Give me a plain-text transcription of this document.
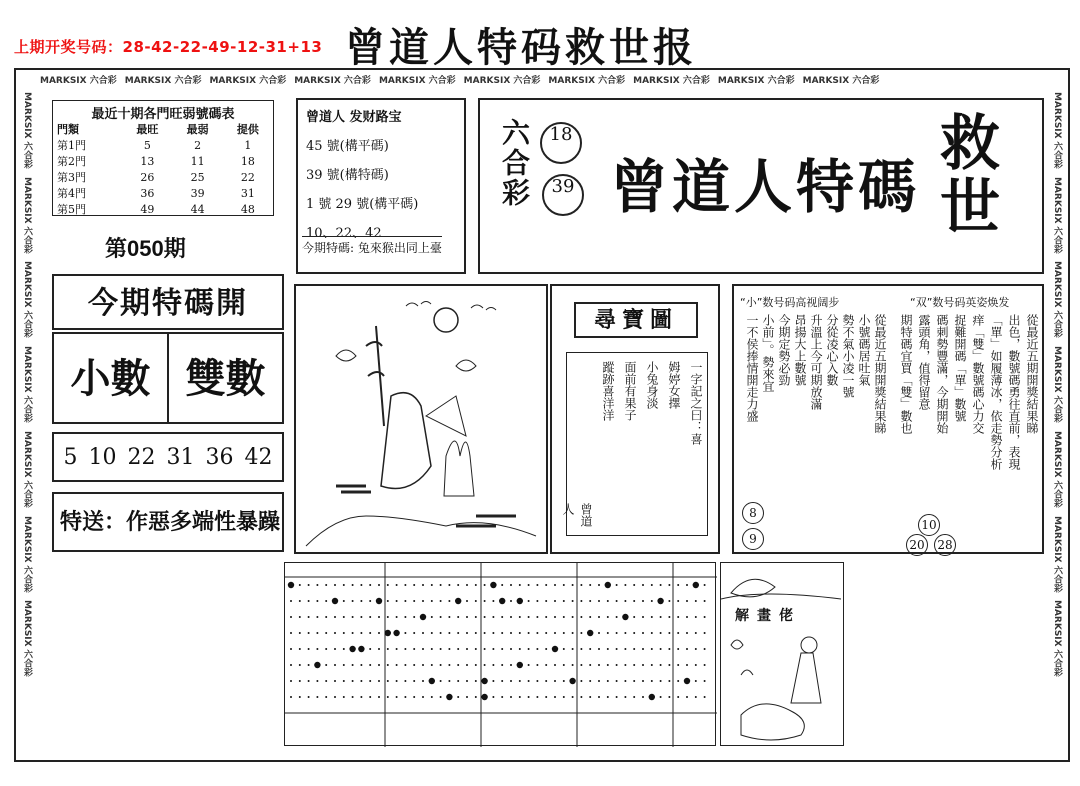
上期开奖号码：28-42-22-49-12-31+13 曾道人特码救世报
MARKSIX 六合彩 MARKSIX 六合彩 MARKSIX 六合彩 MARKSIX 六合彩 MARKSIX 六合彩 MARKSIX 六合彩 MARKSIX 六合彩 MARKSIX 六合彩 MARKSIX 六合彩 MARKSIX 六合彩
MARKSIX 六合彩
MARKSIX 六合彩
MARKSIX 六合彩
MARKSIX 六合彩
MARKSIX 六合彩
MARKSIX 六合彩
MARKSIX 六合彩
MARKSIX 六合彩
MARKSIX 六合彩
MARKSIX 六合彩
MARKSIX 六合彩
MARKSIX 六合彩
MARKSIX 六合彩
MARKSIX 六合彩
最近十期各門旺弱號碼表
門類	最旺	最弱	提供
第1門	5	2	1
第2門	13	11	18
第3門	26	25	22
第4門	36	39	31
第5門	49	44	48
第050期
曾道人 发财路宝
45 號(構平碼)
39 號(構特碼)
1 號 29 號(構平碼)
10、22、42
今期特碼: 兔來猴出同上臺
六合彩	18
39 曾道人特碼
救世
今期特碼開
小數 雙數
5 10 22 31 36 42
特送：作惡多端性暴躁
尋寶圖
一字記之曰：喜
姆婷女擇
小兔身淡
面前有果子
蹤跡喜洋洋
曾道人
“小”数号码高视阔步	“双”数号码英姿焕发
從最近五期開獎結果睇
小號碼居吐氣
勢不氣小凌一號
分從凌心入數
升溫上今可期放滿
昂揚大上數號
今期定勢必勁
小前」。勢來宜
一不侯捧情開走力盛	從最近五期開獎結果睇
出色，數號碼勇往直前，表現
「單」如履薄冰，依走勢分析
痒「雙」數號碼心力交
捉難開碼「單」數號
碼刺勢豐滿，今期開始
露頭角，值得留意
期特碼宜買「雙」數也
8
9
10
20 28
解畫佬
